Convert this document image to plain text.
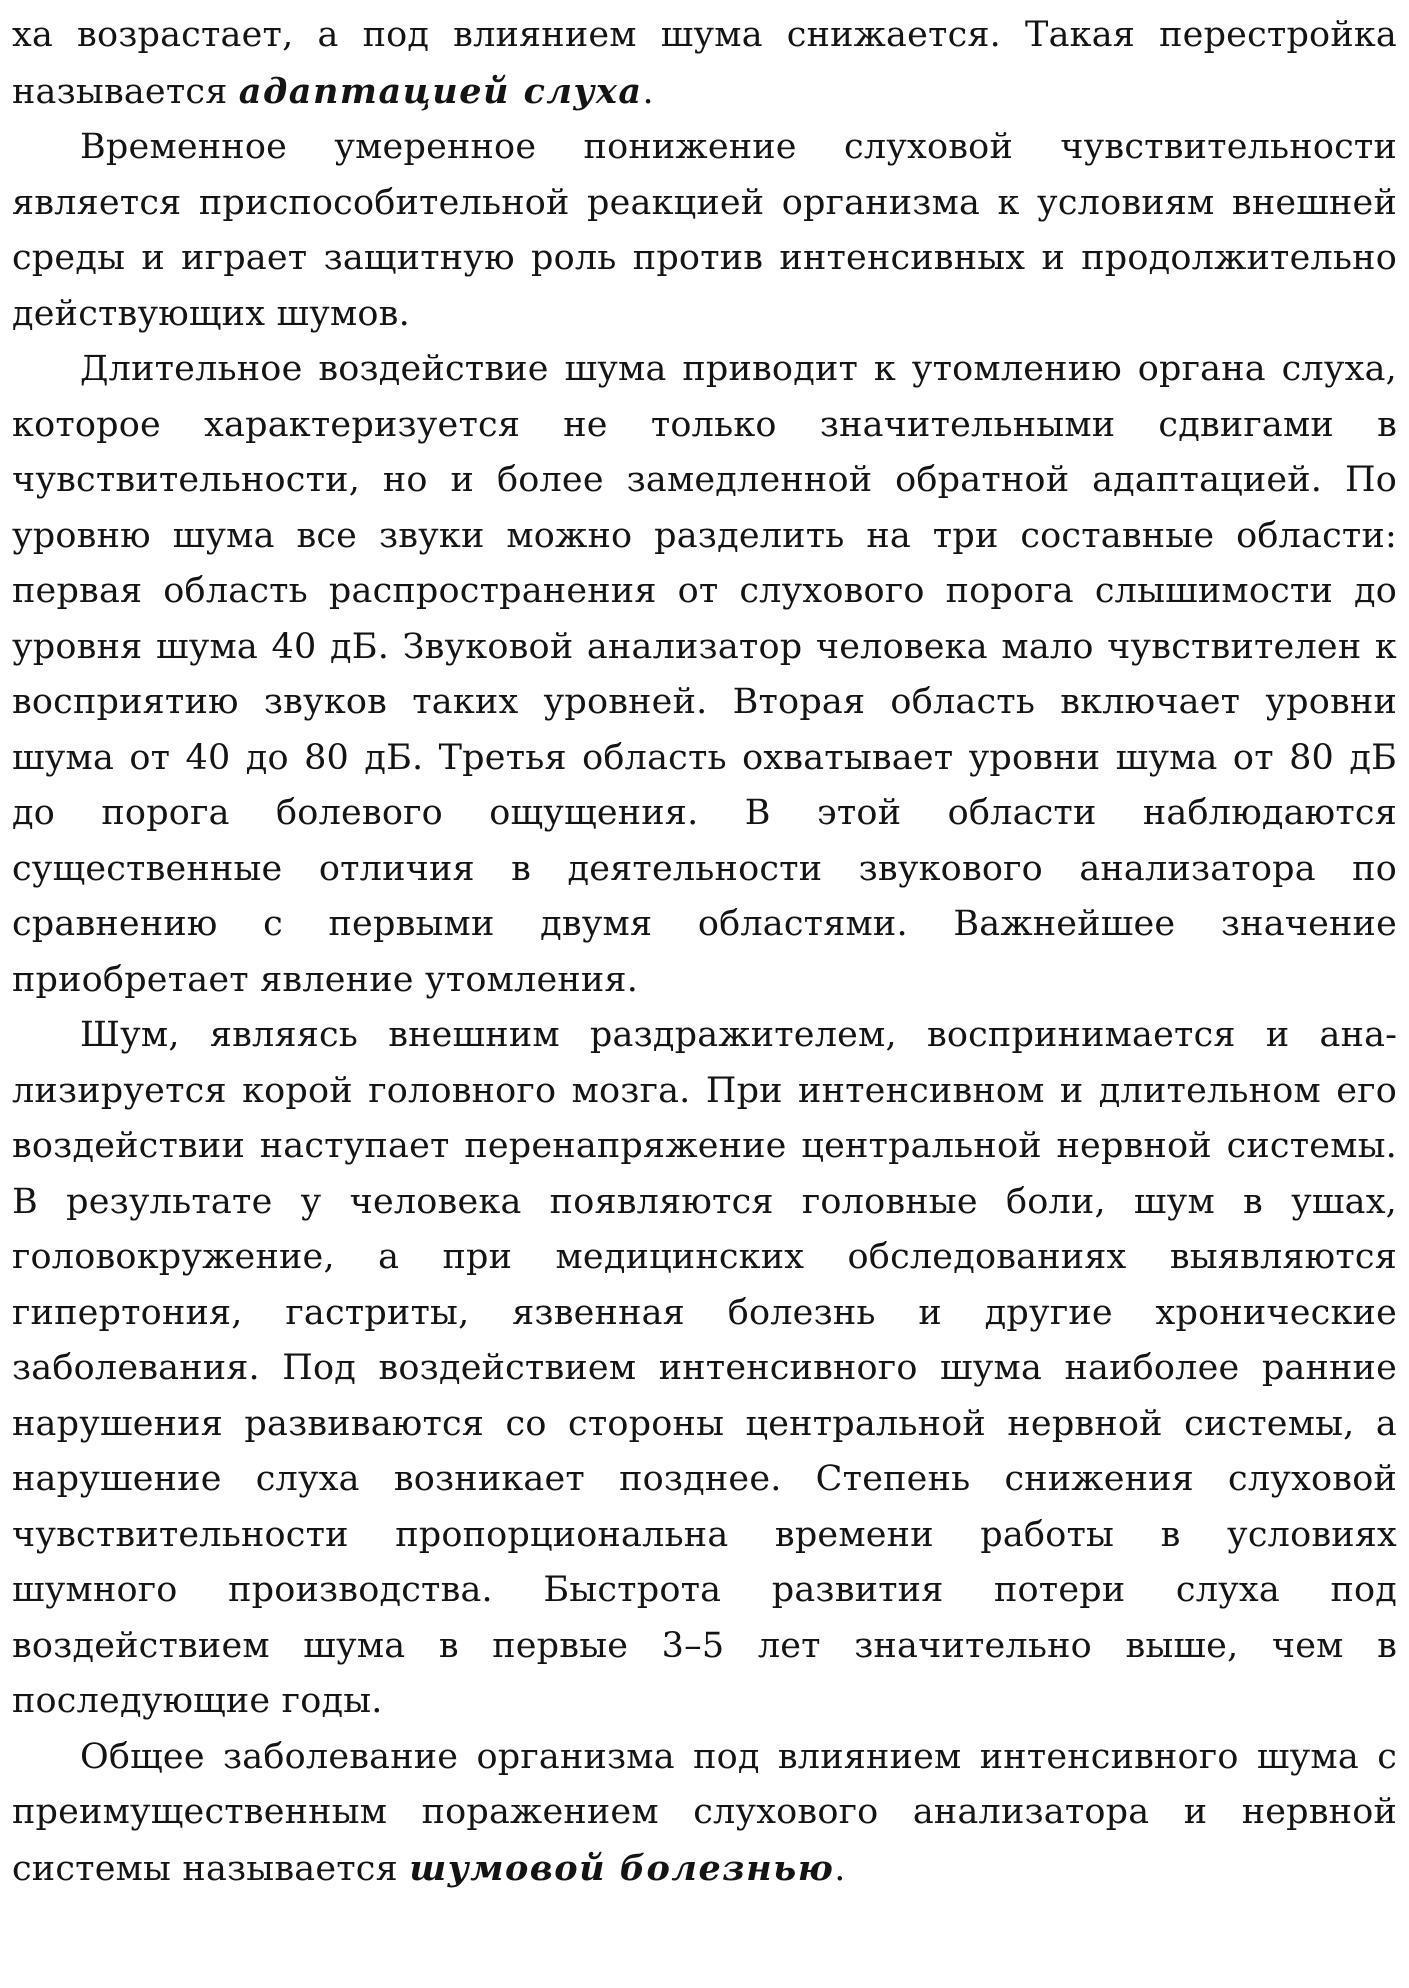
ха возрастает, а под влиянием шума снижается. Такая перестройка называется адаптацией слуха.

Временное умеренное понижение слуховой чувствительности является приспособительной реакцией организма к условиям внешней среды и играет защитную роль против интенсивных и продолжительно действующих шумов.

Длительное воздействие шума приводит к утомлению органа слуха, которое характеризуется не только значительными сдвигами в чувствительности, но и более замедленной обратной адаптацией. По уровню шума все звуки можно разделить на три составные области: первая область распространения от слухового порога слышимости до уровня шума 40 дБ. Звуковой анализатор человека мало чувствителен к восприятию звуков таких уровней. Вторая область включает уровни шума от 40 до 80 дБ. Третья область охватывает уровни шума от 80 дБ до порога болевого ощущения. В этой области наблюдаются существенные отличия в деятельности звукового анализатора по сравнению с первыми двумя областями. Важнейшее значение приобретает явление утомления.

Шум, являясь внешним раздражителем, воспринимается и анализируется корой головного мозга. При интенсивном и длительном его воздействии наступает перенапряжение центральной нервной системы. В результате у человека появляются головные боли, шум в ушах, головокружение, а при медицинских обследованиях выявляются гипертония, гастриты, язвенная болезнь и другие хронические заболевания. Под воздействием интенсивного шума наиболее ранние нарушения развиваются со стороны центральной нервной системы, а нарушение слуха возникает позднее. Степень снижения слуховой чувствительности пропорциональна времени работы в условиях шумного производства. Быстрота развития потери слуха под воздействием шума в первые 3–5 лет значительно выше, чем в последующие годы.

Общее заболевание организма под влиянием интенсивного шума с преимущественным поражением слухового анализатора и нервной системы называется шумовой болезнью.
